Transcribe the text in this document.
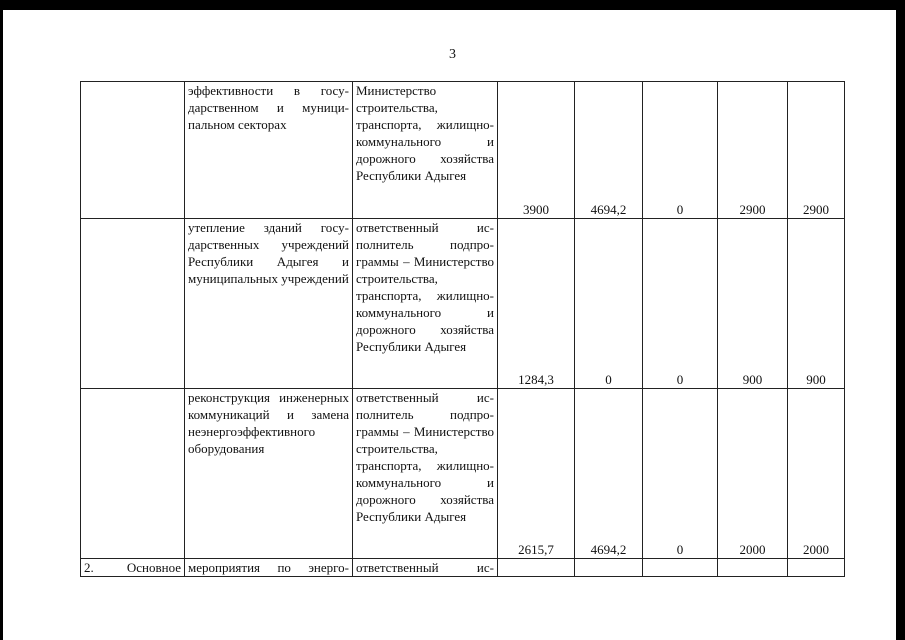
3
	эффективности в государственном и муниципальном секторах	Министерство строительства, транспорта, жилищно-коммунального и дорожного хозяйства Республики Адыгея	3900	4694,2	0	2900	2900
	утепление зданий государственных учреждений Республики Адыгея и муниципальных учреждений	ответственный исполнитель подпрограммы – Министерство строительства, транспорта, жилищно-коммунального и дорожного хозяйства Республики Адыгея	1284,3	0	0	900	900
	реконструкция инженерных коммуникаций и замена неэнергоэффективного оборудования	ответственный исполнитель подпрограммы – Министерство строительства, транспорта, жилищно-коммунального и дорожного хозяйства Республики Адыгея	2615,7	4694,2	0	2000	2000
2. Основное	мероприятия по энерго-	ответственный ис-					
